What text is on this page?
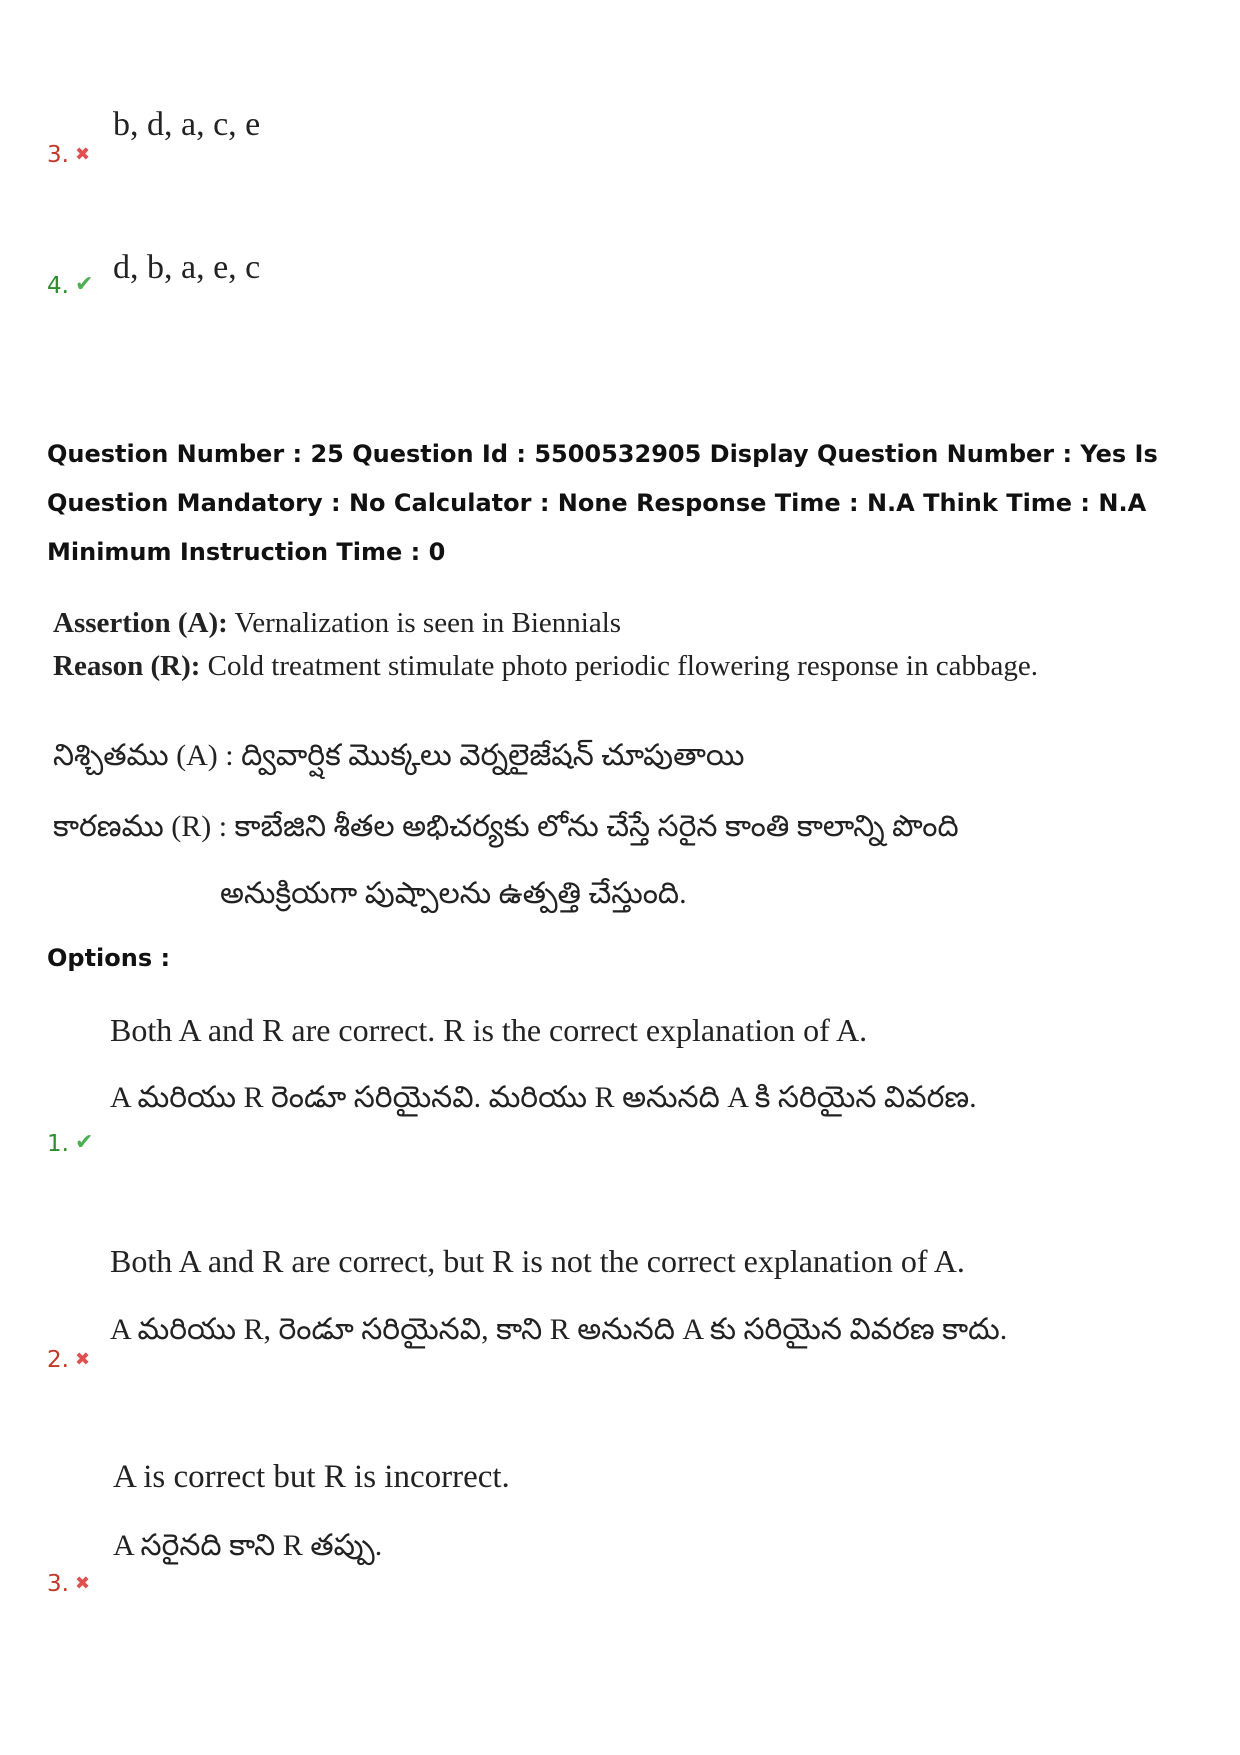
b, d, a, c, e
3. ✖
d, b, a, e, c
4. ✔
Question Number : 25 Question Id : 5500532905 Display Question Number : Yes Is Question Mandatory : No Calculator : None Response Time : N.A Think Time : N.A Minimum Instruction Time : 0
Assertion (A): Vernalization is seen in Biennials
Reason (R): Cold treatment stimulate photo periodic flowering response in cabbage.
నిశ్చితము (A) : ద్వివార్షిక మొక్కలు వెర్నలైజేషన్ చూపుతాయి
కారణము (R) : కాబేజిని శీతల అభిచర్యకు లోను చేస్తే సరైన కాంతి కాలాన్ని పొంది
అనుక్రియగా పుష్పాలను ఉత్పత్తి చేస్తుంది.
Options :
Both A and R are correct. R is the correct explanation of A.
A మరియు R రెండూ సరియైనవి. మరియు R అనునది A కి సరియైన వివరణ.
1. ✔
Both A and R are correct, but R is not the correct explanation of A.
A మరియు R, రెండూ సరియైనవి, కాని R అనునది A కు సరియైన వివరణ కాదు.
2. ✖
A is correct but R is incorrect.
A సరైనది కాని R తప్పు.
3. ✖
